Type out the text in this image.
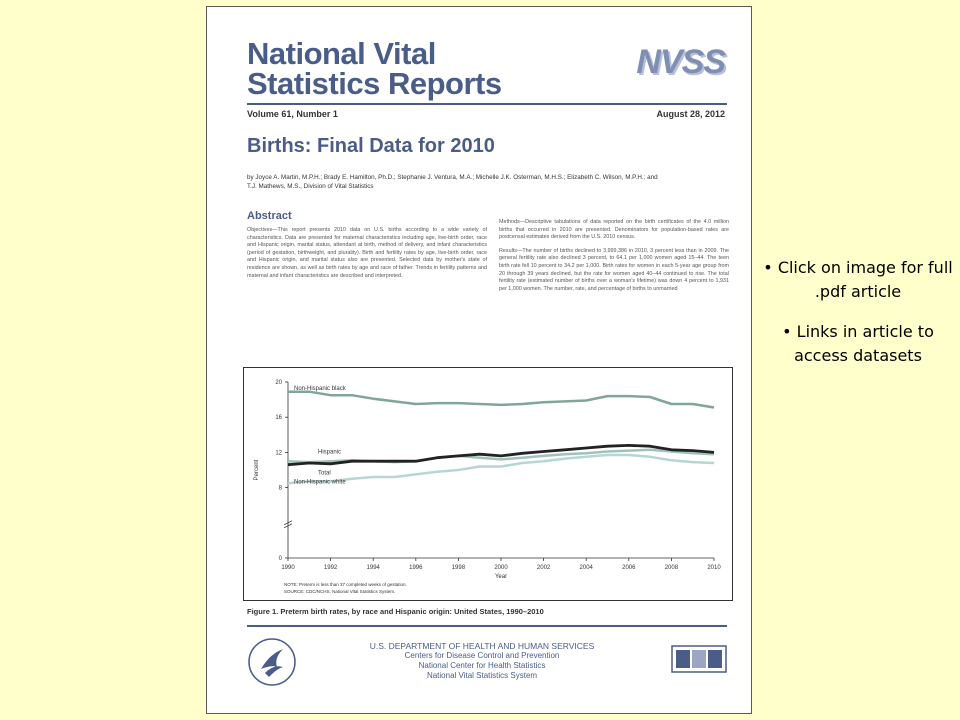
National Vital
Statistics Reports
NVSS
Volume 61, Number 1	August 28, 2012
Births: Final Data for 2010
by Joyce A. Martin, M.P.H.; Brady E. Hamilton, Ph.D.; Stephanie J. Ventura, M.A.; Michelle J.K. Osterman, M.H.S.; Elizabeth C. Wilson, M.P.H.; and T.J. Mathews, M.S., Division of Vital Statistics
Abstract

Objectives—This report presents 2010 data on U.S. births according to a wide variety of characteristics. Data are presented for maternal characteristics including age, live-birth order, race and Hispanic origin, marital status, attendant at birth, method of delivery, and infant characteristics (period of gestation, birthweight, and plurality). Birth and fertility rates by age, live-birth order, race and Hispanic origin, and marital status also are presented. Selected data by mother's state of residence are shown, as well as birth rates by age and race of father. Trends in fertility patterns and maternal and infant characteristics are described and interpreted.

Methods—Descriptive tabulations of data reported on the birth certificates of the 4.0 million births that occurred in 2010 are presented. Denominators for population-based rates are postcensal estimates derived from the U.S. 2010 census.

Results—The number of births declined to 3,999,386 in 2010, 3 percent less than in 2009. The general fertility rate also declined 3 percent, to 64.1 per 1,000 women aged 15–44. The teen birth rate fell 10 percent to 34.2 per 1,000. Birth rates for women in each 5-year age group from 20 through 39 years declined, but the rate for women aged 40–44 continued to rise. The total fertility rate (estimated number of births over a woman's lifetime) was down 4 percent to 1,931 per 1,000 women. The number, rate, and percentage of births to unmarried

0
8
12
16
20
1990	1992	1994	1996	1998	2000	2002	2004	2006	2008	2010
Year
Percent
Non-Hispanic black
Hispanic
Total
Non-Hispanic white
NOTE: Preterm is less than 37 completed weeks of gestation.
SOURCE: CDC/NCHS, National Vital Statistics System.
Figure 1. Preterm birth rates, by race and Hispanic origin: United States, 1990–2010
U.S. DEPARTMENT OF HEALTH AND HUMAN SERVICES
Centers for Disease Control and Prevention
National Center for Health Statistics
National Vital Statistics System
• Click on image for full .pdf article
• Links in article to access datasets
